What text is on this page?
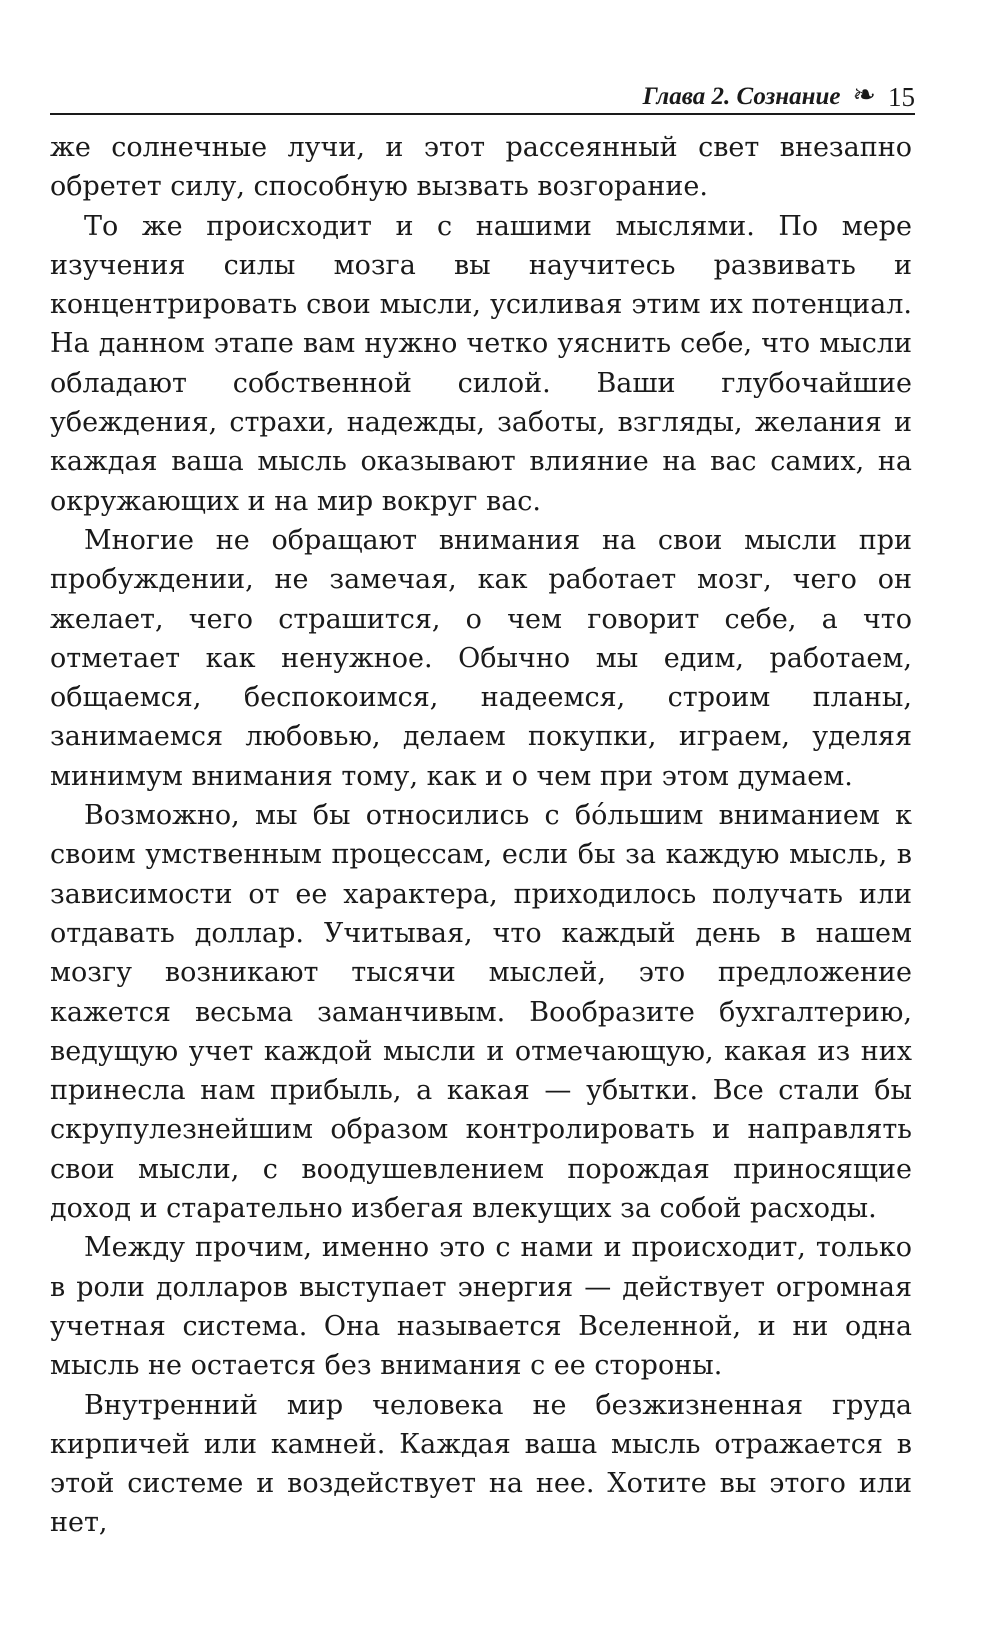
Глава 2. Сознание ❧ 15

же солнечные лучи, и этот рассеянный свет внезапно обретет силу, способную вызвать возгорание.

То же происходит и с нашими мыслями. По мере изучения силы мозга вы научитесь развивать и концентрировать свои мысли, усиливая этим их потенциал. На данном этапе вам нужно четко уяснить себе, что мысли обладают собственной силой. Ваши глубочайшие убеждения, страхи, надежды, заботы, взгляды, желания и каждая ваша мысль оказывают влияние на вас самих, на окружающих и на мир вокруг вас.

Многие не обращают внимания на свои мысли при пробуждении, не замечая, как работает мозг, чего он желает, чего страшится, о чем говорит себе, а что отметает как ненужное. Обычно мы едим, работаем, общаемся, беспокоимся, надеемся, строим планы, занимаемся любовью, делаем покупки, играем, уделяя минимум внимания тому, как и о чем при этом думаем.

Возможно, мы бы относились с бо́льшим вниманием к своим умственным процессам, если бы за каждую мысль, в зависимости от ее характера, приходилось получать или отдавать доллар. Учитывая, что каждый день в нашем мозгу возникают тысячи мыслей, это предложение кажется весьма заманчивым. Вообразите бухгалтерию, ведущую учет каждой мысли и отмечающую, какая из них принесла нам прибыль, а какая — убытки. Все стали бы скрупулезнейшим образом контролировать и направлять свои мысли, с воодушевлением порождая приносящие доход и старательно избегая влекущих за собой расходы.

Между прочим, именно это с нами и происходит, только в роли долларов выступает энергия — действует огромная учетная система. Она называется Вселенной, и ни одна мысль не остается без внимания с ее стороны.

Внутренний мир человека не безжизненная груда кирпичей или камней. Каждая ваша мысль отражается в этой системе и воздействует на нее. Хотите вы этого или нет,
